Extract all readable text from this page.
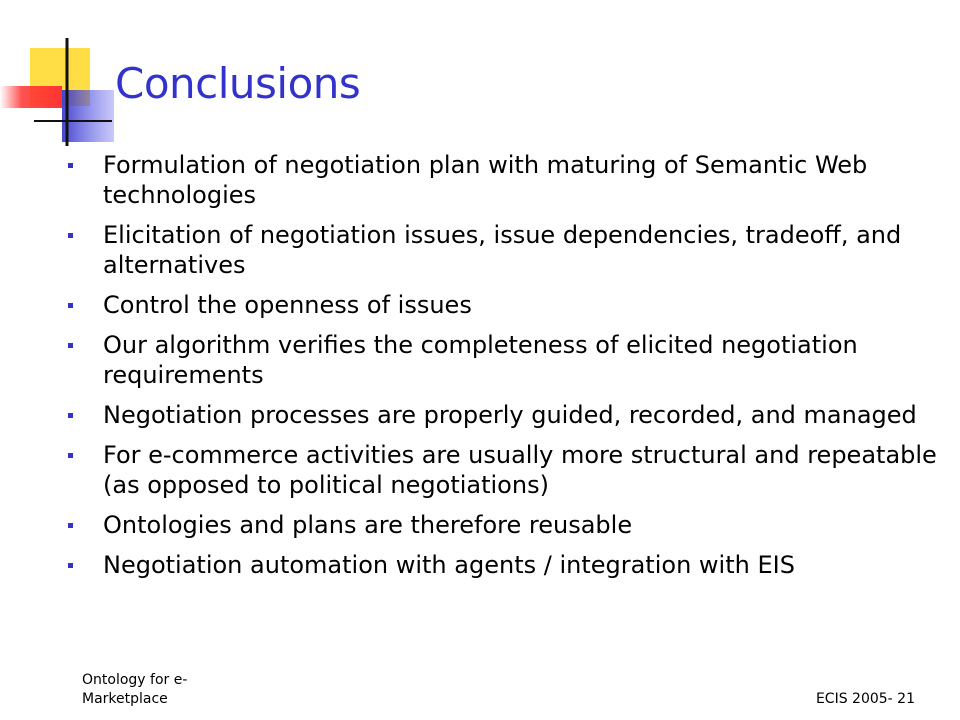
Conclusions
Formulation of negotiation plan with maturing of Semantic Web technologies
Elicitation of negotiation issues, issue dependencies, tradeoff, and alternatives
Control the openness of issues
Our algorithm verifies the completeness of elicited negotiation requirements
Negotiation processes are properly guided, recorded, and managed
For e-commerce activities are usually more structural and repeatable (as opposed to political negotiations)
Ontologies and plans are therefore reusable
Negotiation automation with agents / integration with EIS
Ontology for e-Marketplace	ECIS 2005- 21
